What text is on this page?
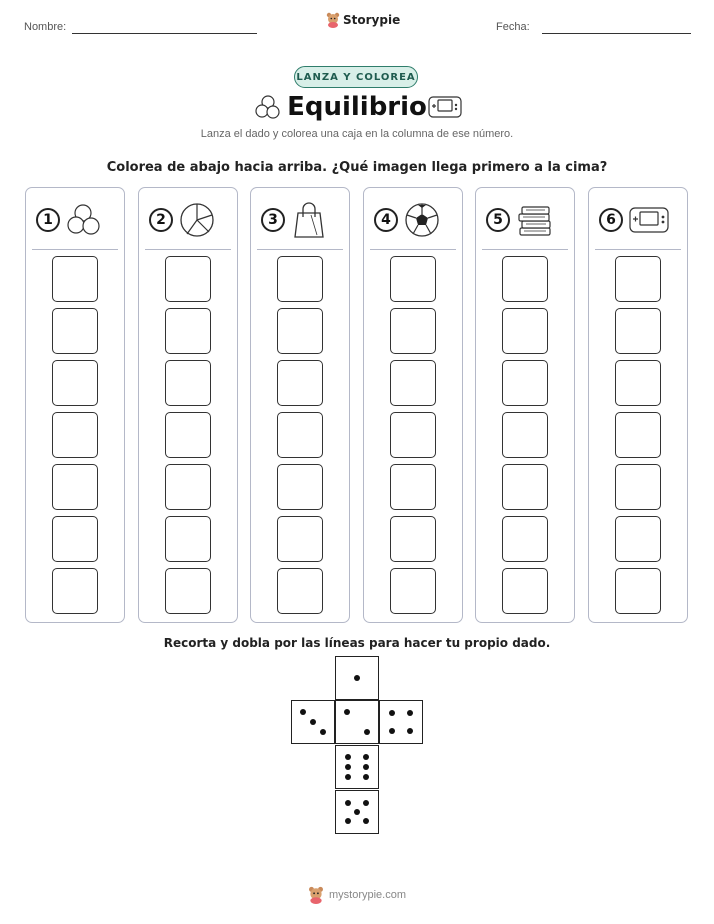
Nombre:	Storypie	Fecha:
LANZA Y COLOREA
Equilibrio
Lanza el dado y colorea una caja en la columna de ese número.
Colorea de abajo hacia arriba. ¿Qué imagen llega primero a la cima?
1	2	3	4	5	6
Recorta y dobla por las líneas para hacer tu propio dado.
mystorypie.com
